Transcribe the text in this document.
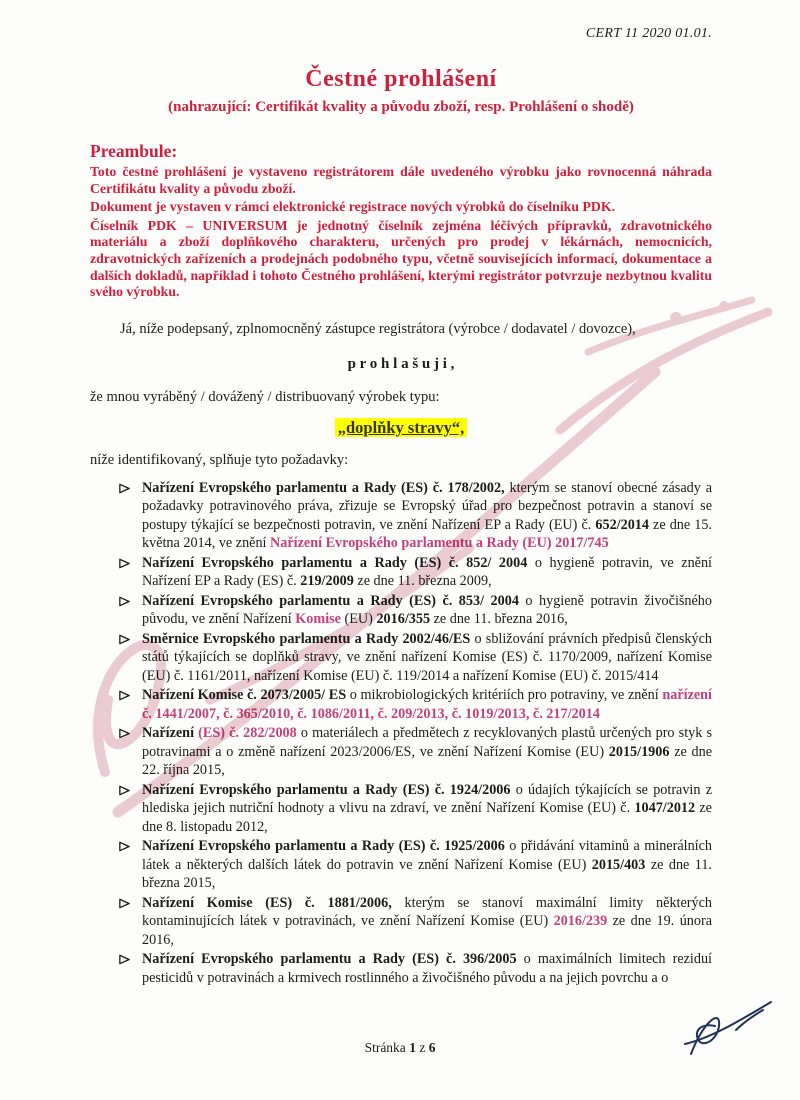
CERT 11 2020 01.01.
Čestné prohlášení
(nahrazující: Certifikát kvality a původu zboží, resp. Prohlášení o shodě)
Preambule:

Toto čestné prohlášení je vystaveno registrátorem dále uvedeného výrobku jako rovnocenná náhrada Certifikátu kvality a původu zboží.

Dokument je vystaven v rámci elektronické registrace nových výrobků do číselníku PDK.

Číselník PDK – UNIVERSUM je jednotný číselník zejména léčivých přípravků, zdravotnického materiálu a zboží doplňkového charakteru, určených pro prodej v lékárnách, nemocnicích, zdravotnických zařízeních a prodejnách podobného typu, včetně souvisejících informací, dokumentace a dalších dokladů, například i tohoto Čestného prohlášení, kterými registrátor potvrzuje nezbytnou kvalitu svého výrobku.

Já, níže podepsaný, zplnomocněný zástupce registrátora (výrobce / dodavatel / dovozce),

p r o h l a š u j i ,

že mnou vyráběný / dovážený / distribuovaný výrobek typu:

„doplňky stravy“,

níže identifikovaný, splňuje tyto požadavky:

Nařízení Evropského parlamentu a Rady (ES) č. 178/2002, kterým se stanoví obecné zásady a požadavky potravinového práva, zřizuje se Evropský úřad pro bezpečnost potravin a stanoví se postupy týkající se bezpečnosti potravin, ve znění Nařízení EP a Rady (EU) č. 652/2014 ze dne 15. května 2014, ve znění Nařízení Evropského parlamentu a Rady (EU) 2017/745
Nařízení Evropského parlamentu a Rady (ES) č. 852/ 2004 o hygieně potravin, ve znění Nařízení EP a Rady (ES) č. 219/2009 ze dne 11. března 2009,
Nařízení Evropského parlamentu a Rady (ES) č. 853/ 2004 o hygieně potravin živočišného původu, ve znění Nařízení Komise (EU) 2016/355 ze dne 11. března 2016,
Směrnice Evropského parlamentu a Rady 2002/46/ES o sbližování právních předpisů členských států týkajících se doplňků stravy, ve znění nařízení Komise (ES) č. 1170/2009, nařízení Komise (EU) č. 1161/2011, nařízení Komise (EU) č. 119/2014 a nařízení Komise (EU) č. 2015/414
Nařízení Komise č. 2073/2005/ ES o mikrobiologických kritériích pro potraviny, ve znění nařízení č. 1441/2007, č. 365/2010, č. 1086/2011, č. 209/2013, č. 1019/2013, č. 217/2014
Nařízení (ES) č. 282/2008 o materiálech a předmětech z recyklovaných plastů určených pro styk s potravinami a o změně nařízení 2023/2006/ES, ve znění Nařízení Komise (EU) 2015/1906 ze dne 22. října 2015,
Nařízení Evropského parlamentu a Rady (ES) č. 1924/2006 o údajích týkajících se potravin z hlediska jejich nutriční hodnoty a vlivu na zdraví, ve znění Nařízení Komise (EU) č. 1047/2012 ze dne 8. listopadu 2012,
Nařízení Evropského parlamentu a Rady (ES) č. 1925/2006 o přidávání vitaminů a minerálních látek a některých dalších látek do potravin ve znění Nařízení Komise (EU) 2015/403 ze dne 11. března 2015,
Nařízení Komise (ES) č. 1881/2006, kterým se stanoví maximální limity některých kontaminujících látek v potravinách, ve znění Nařízení Komise (EU) 2016/239 ze dne 19. února 2016,
Nařízení Evropského parlamentu a Rady (ES) č. 396/2005 o maximálních limitech reziduí pesticidů v potravinách a krmivech rostlinného a živočišného původu a na jejich povrchu a o
Stránka 1 z 6
